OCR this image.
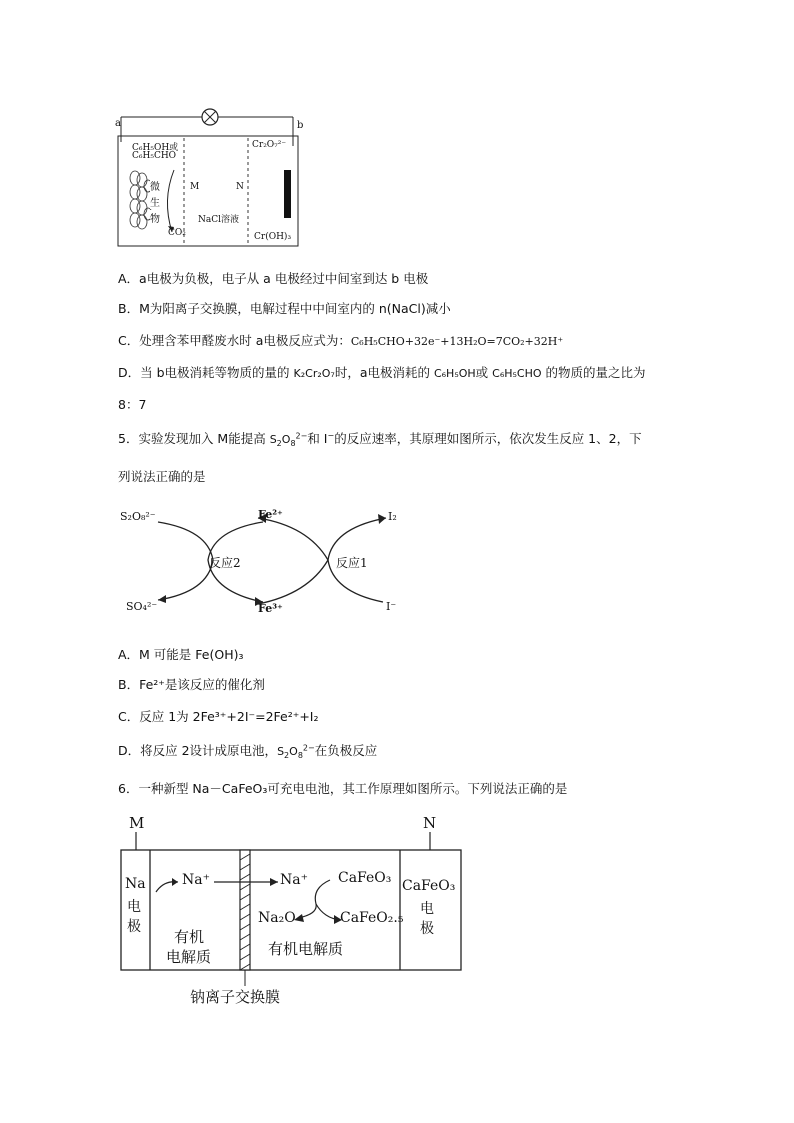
a	b
C₆H₅OH或
C₆H₅CHO
微
生
物
CO₂
M	N
NaCl溶液
Cr₂O₇²⁻
Cr(OH)₃
A．a电极为负极，电子从 a 电极经过中间室到达 b 电极
B．M为阳离子交换膜，电解过程中中间室内的 n(NaCl)减小
C．处理含苯甲醛废水时 a电极反应式为：C₆H₅CHO+32e⁻+13H₂O=7CO₂+32H⁺
D．当 b电极消耗等物质的量的 K₂Cr₂O₇时，a电极消耗的 C₆H₅OH或 C₆H₅CHO 的物质的量之比为
8：7
5．实验发现加入 M能提高 $S_2O_8^{2-}$和 I−的反应速率，其原理如图所示，依次发生反应 1、2，下
列说法正确的是
S₂O₈²⁻	Fe²⁺	I₂
反应2	反应1
SO₄²⁻	Fe³⁺	I⁻
A．M 可能是 Fe(OH)₃
B．Fe²⁺是该反应的催化剂
C．反应 1为 2Fe³⁺+2I⁻=2Fe²⁺+I₂
D．将反应 2设计成原电池，$S_2O_8^{2-}$在负极反应
6．一种新型 Na－CaFeO₃可充电电池，其工作原理如图所示。下列说法正确的是
M	N
Na
电
极
Na⁺
有机
电解质
Na⁺ CaFeO₃
Na₂O	CaFeO₂.₅
有机电解质
CaFeO₃
电
极
钠离子交换膜
